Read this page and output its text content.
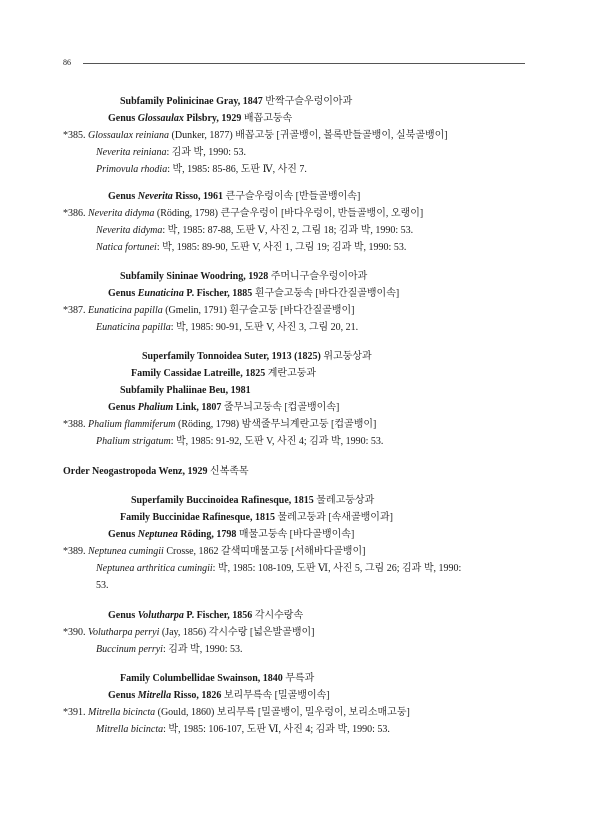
86
Subfamily Polinicinae Gray, 1847 반짝구슬우렁이아과
Genus Glossaulax Pilsbry, 1929 배꼽고둥속
*385. Glossaulax reiniana (Dunker, 1877) 배꼽고둥 [귀골뱅이, 볼록반들골뱅이, 실북골뱅이]
Neverita reiniana: 김과 박, 1990: 53.
Primovula rhodia: 박, 1985: 85-86, 도판 Ⅳ, 사진 7.
Genus Neverita Risso, 1961 큰구슬우렁이속 [반들골뱅이속]
*386. Neverita didyma (Röding, 1798) 큰구슬우렁이 [바다우렁이, 반들골뱅이, 오랭이]
Neverita didyma: 박, 1985: 87-88, 도판 Ⅴ, 사진 2, 그림 18; 김과 박, 1990: 53.
Natica fortunei: 박, 1985: 89-90, 도판 V, 사진 1, 그림 19; 김과 박, 1990: 53.
Subfamily Sininae Woodring, 1928 주머니구슬우렁이아과
Genus Eunaticina P. Fischer, 1885 흰구슬고둥속 [바다간질골뱅이속]
*387. Eunaticina papilla (Gmelin, 1791) 흰구슬고둥 [바다간질골뱅이]
Eunaticina papilla: 박, 1985: 90-91, 도판 V, 사진 3, 그림 20, 21.
Superfamily Tonnoidea Suter, 1913 (1825) 위고둥상과
Family Cassidae Latreille, 1825 계란고둥과
Subfamily Phaliinae Beu, 1981
Genus Phalium Link, 1807 줄무늬고둥속 [컵골뱅이속]
*388. Phalium flammiferum (Röding, 1798) 밤색줄무늬계란고둥 [컵골뱅이]
Phalium strigatum: 박, 1985: 91-92, 도판 V, 사진 4; 김과 박, 1990: 53.
Order Neogastropoda Wenz, 1929 신복족목
Superfamily Buccinoidea Rafinesque, 1815 물레고둥상과
Family Buccinidae Rafinesque, 1815 물레고둥과 [속새골뱅이과]
Genus Neptunea Röding, 1798 매물고둥속 [바다골뱅이속]
*389. Neptunea cumingii Crosse, 1862 갈색띠매물고둥 [서해바다골뱅이]
Neptunea arthritica cumingii: 박, 1985: 108-109, 도판 Ⅵ, 사진 5, 그림 26; 김과 박, 1990:
53.
Genus Volutharpa P. Fischer, 1856 각시수랑속
*390. Volutharpa perryi (Jay, 1856) 각시수랑 [넓은발골뱅이]
Buccinum perryi: 김과 박, 1990: 53.
Family Columbellidae Swainson, 1840 무륵과
Genus Mitrella Risso, 1826 보리무륵속 [밀골뱅이속]
*391. Mitrella bicincta (Gould, 1860) 보리무륵 [밀골뱅이, 밀우렁이, 보리소매고둥]
Mitrella bicincta: 박, 1985: 106-107, 도판 Ⅵ, 사진 4; 김과 박, 1990: 53.
